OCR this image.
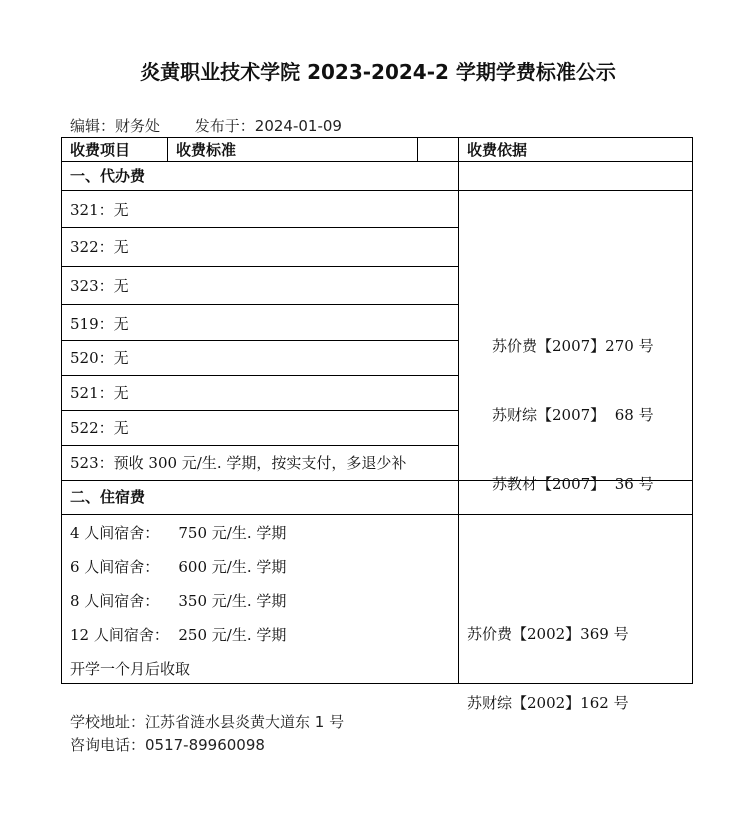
炎黄职业技术学院 2023-2024-2 学期学费标准公示
编辑：财务处 发布于：2024-01-09
收费项目	收费标准	收费依据
一、代办费
321：无
322：无
323：无
519：无
520：无
521：无
522：无
523：预收 300 元/生. 学期，按实支付，多退少补

苏价费【2007】270 号

苏财综【2007】  68 号

苏教材【2007】  36 号

二、住宿费
4 人间宿舍：    750 元/生. 学期
6 人间宿舍：    600 元/生. 学期
8 人间宿舍：    350 元/生. 学期
12 人间宿舍：  250 元/生. 学期
开学一个月后收取

苏价费【2002】369 号

苏财综【2002】162 号

学校地址：江苏省涟水县炎黄大道东 1 号
咨询电话：0517-89960098
